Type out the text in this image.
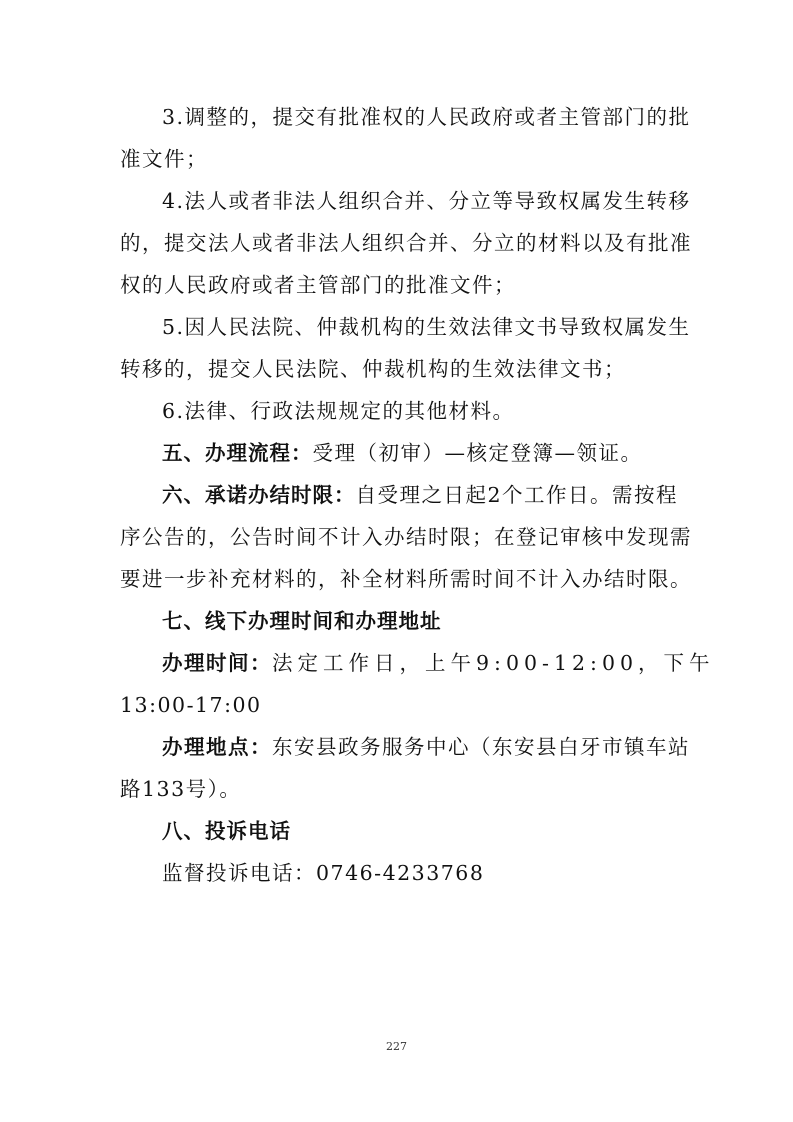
3.调整的，提交有批准权的人民政府或者主管部门的批
准文件；
4.法人或者非法人组织合并、分立等导致权属发生转移
的，提交法人或者非法人组织合并、分立的材料以及有批准
权的人民政府或者主管部门的批准文件；
5.因人民法院、仲裁机构的生效法律文书导致权属发生
转移的，提交人民法院、仲裁机构的生效法律文书；
6.法律、行政法规规定的其他材料。
五、办理流程：受理（初审）—核定登簿—领证。
六、承诺办结时限：自受理之日起2个工作日。需按程
序公告的，公告时间不计入办结时限；在登记审核中发现需
要进一步补充材料的，补全材料所需时间不计入办结时限。
七、线下办理时间和办理地址
办理时间：法定工作日，上午9:00-12:00，下午
13:00-17:00
办理地点：东安县政务服务中心（东安县白牙市镇车站
路133号）。
八、投诉电话
监督投诉电话：0746-4233768
227
